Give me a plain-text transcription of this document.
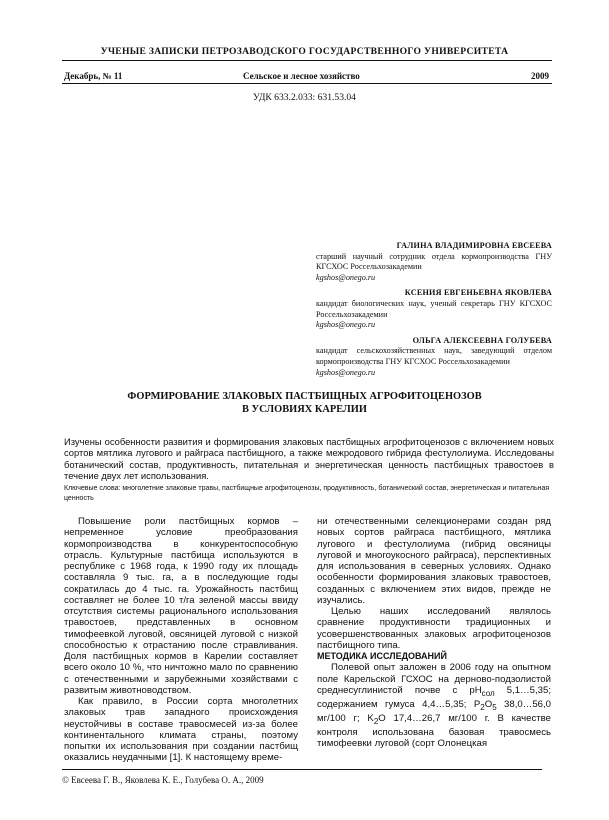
УЧЕНЫЕ ЗАПИСКИ ПЕТРОЗАВОДСКОГО ГОСУДАРСТВЕННОГО УНИВЕРСИТЕТА
Декабрь, № 11	Сельское и лесное хозяйство	2009
УДК 633.2.033: 631.53.04
ГАЛИНА ВЛАДИМИРОВНА ЕВСЕЕВА
старший научный сотрудник отдела кормопроизводства ГНУ КГСХОС Россельхозакадемии
kgshos@onego.ru
КСЕНИЯ ЕВГЕНЬЕВНА ЯКОВЛЕВА
кандидат биологических наук, ученый секретарь ГНУ КГСХОС Россельхозакадемии
kgshos@onego.ru
ОЛЬГА АЛЕКСЕЕВНА ГОЛУБЕВА
кандидат сельскохозяйственных наук, заведующий отделом кормопроизводства ГНУ КГСХОС Россельхозакадемии
kgshos@onego.ru
ФОРМИРОВАНИЕ ЗЛАКОВЫХ ПАСТБИЩНЫХ АГРОФИТОЦЕНОЗОВ
В УСЛОВИЯХ КАРЕЛИИ
Изучены особенности развития и формирования злаковых пастбищных агрофитоценозов с включением новых сортов мятлика лугового и райграса пастбищного, а также межродового гибрида фестулолиума. Исследованы ботанический состав, продуктивность, питательная и энергетическая ценность пастбищных травостоев в течение двух лет использования.
Ключевые слова: многолетние злаковые травы, пастбищные агрофитоценозы, продуктивность, ботанический состав, энергетическая и питательная ценность

Повышение роли пастбищных кормов – непременное условие преобразования кормопроизводства в конкурентоспособную отрасль. Культурные пастбища используются в республике с 1968 года, к 1990 году их площадь составляла 9 тыс. га, а в последующие годы сократилась до 4 тыс. га. Урожайность пастбищ составляет не более 10 т/га зеленой массы ввиду отсутствия системы рационального использования травостоев, представленных в основном тимофеевкой луговой, овсяницей луговой с низкой способностью к отрастанию после стравливания. Доля пастбищных кормов в Карелии составляет всего около 10 %, что ничтожно мало по сравнению с отечественными и зарубежными хозяйствами с развитым животноводством.

Как правило, в России сорта многолетних злаковых трав западного происхождения неустойчивы в составе травосмесей из-за более континентального климата страны, поэтому попытки их использования при создании пастбищ оказались неудачными [1]. К настоящему време-

ни отечественными селекционерами создан ряд новых сортов райграса пастбищного, мятлика лугового и фестулолиума (гибрид овсяницы луговой и многоукосного райграса), перспективных для использования в северных условиях. Однако особенности формирования злаковых травостоев, созданных с включением этих видов, прежде не изучались.

Целью наших исследований являлось сравнение продуктивности традиционных и усовершенствованных злаковых агрофитоценозов пастбищного типа.

МЕТОДИКА ИССЛЕДОВАНИЙ

Полевой опыт заложен в 2006 году на опытном поле Карельской ГСХОС на дерново-подзолистой среднесуглинистой почве с $pH_{сол}$ 5,1…5,35; содержанием гумуса 4,4…5,35; $P_2O_5$ 38,0…56,0 мг/100 г; $K_2O$ 17,4…26,7 мг/100 г. В качестве контроля использована базовая травосмесь тимофеевки луговой (сорт Олонецкая

© Евсеева Г. В., Яковлева К. Е., Голубева О. А., 2009
